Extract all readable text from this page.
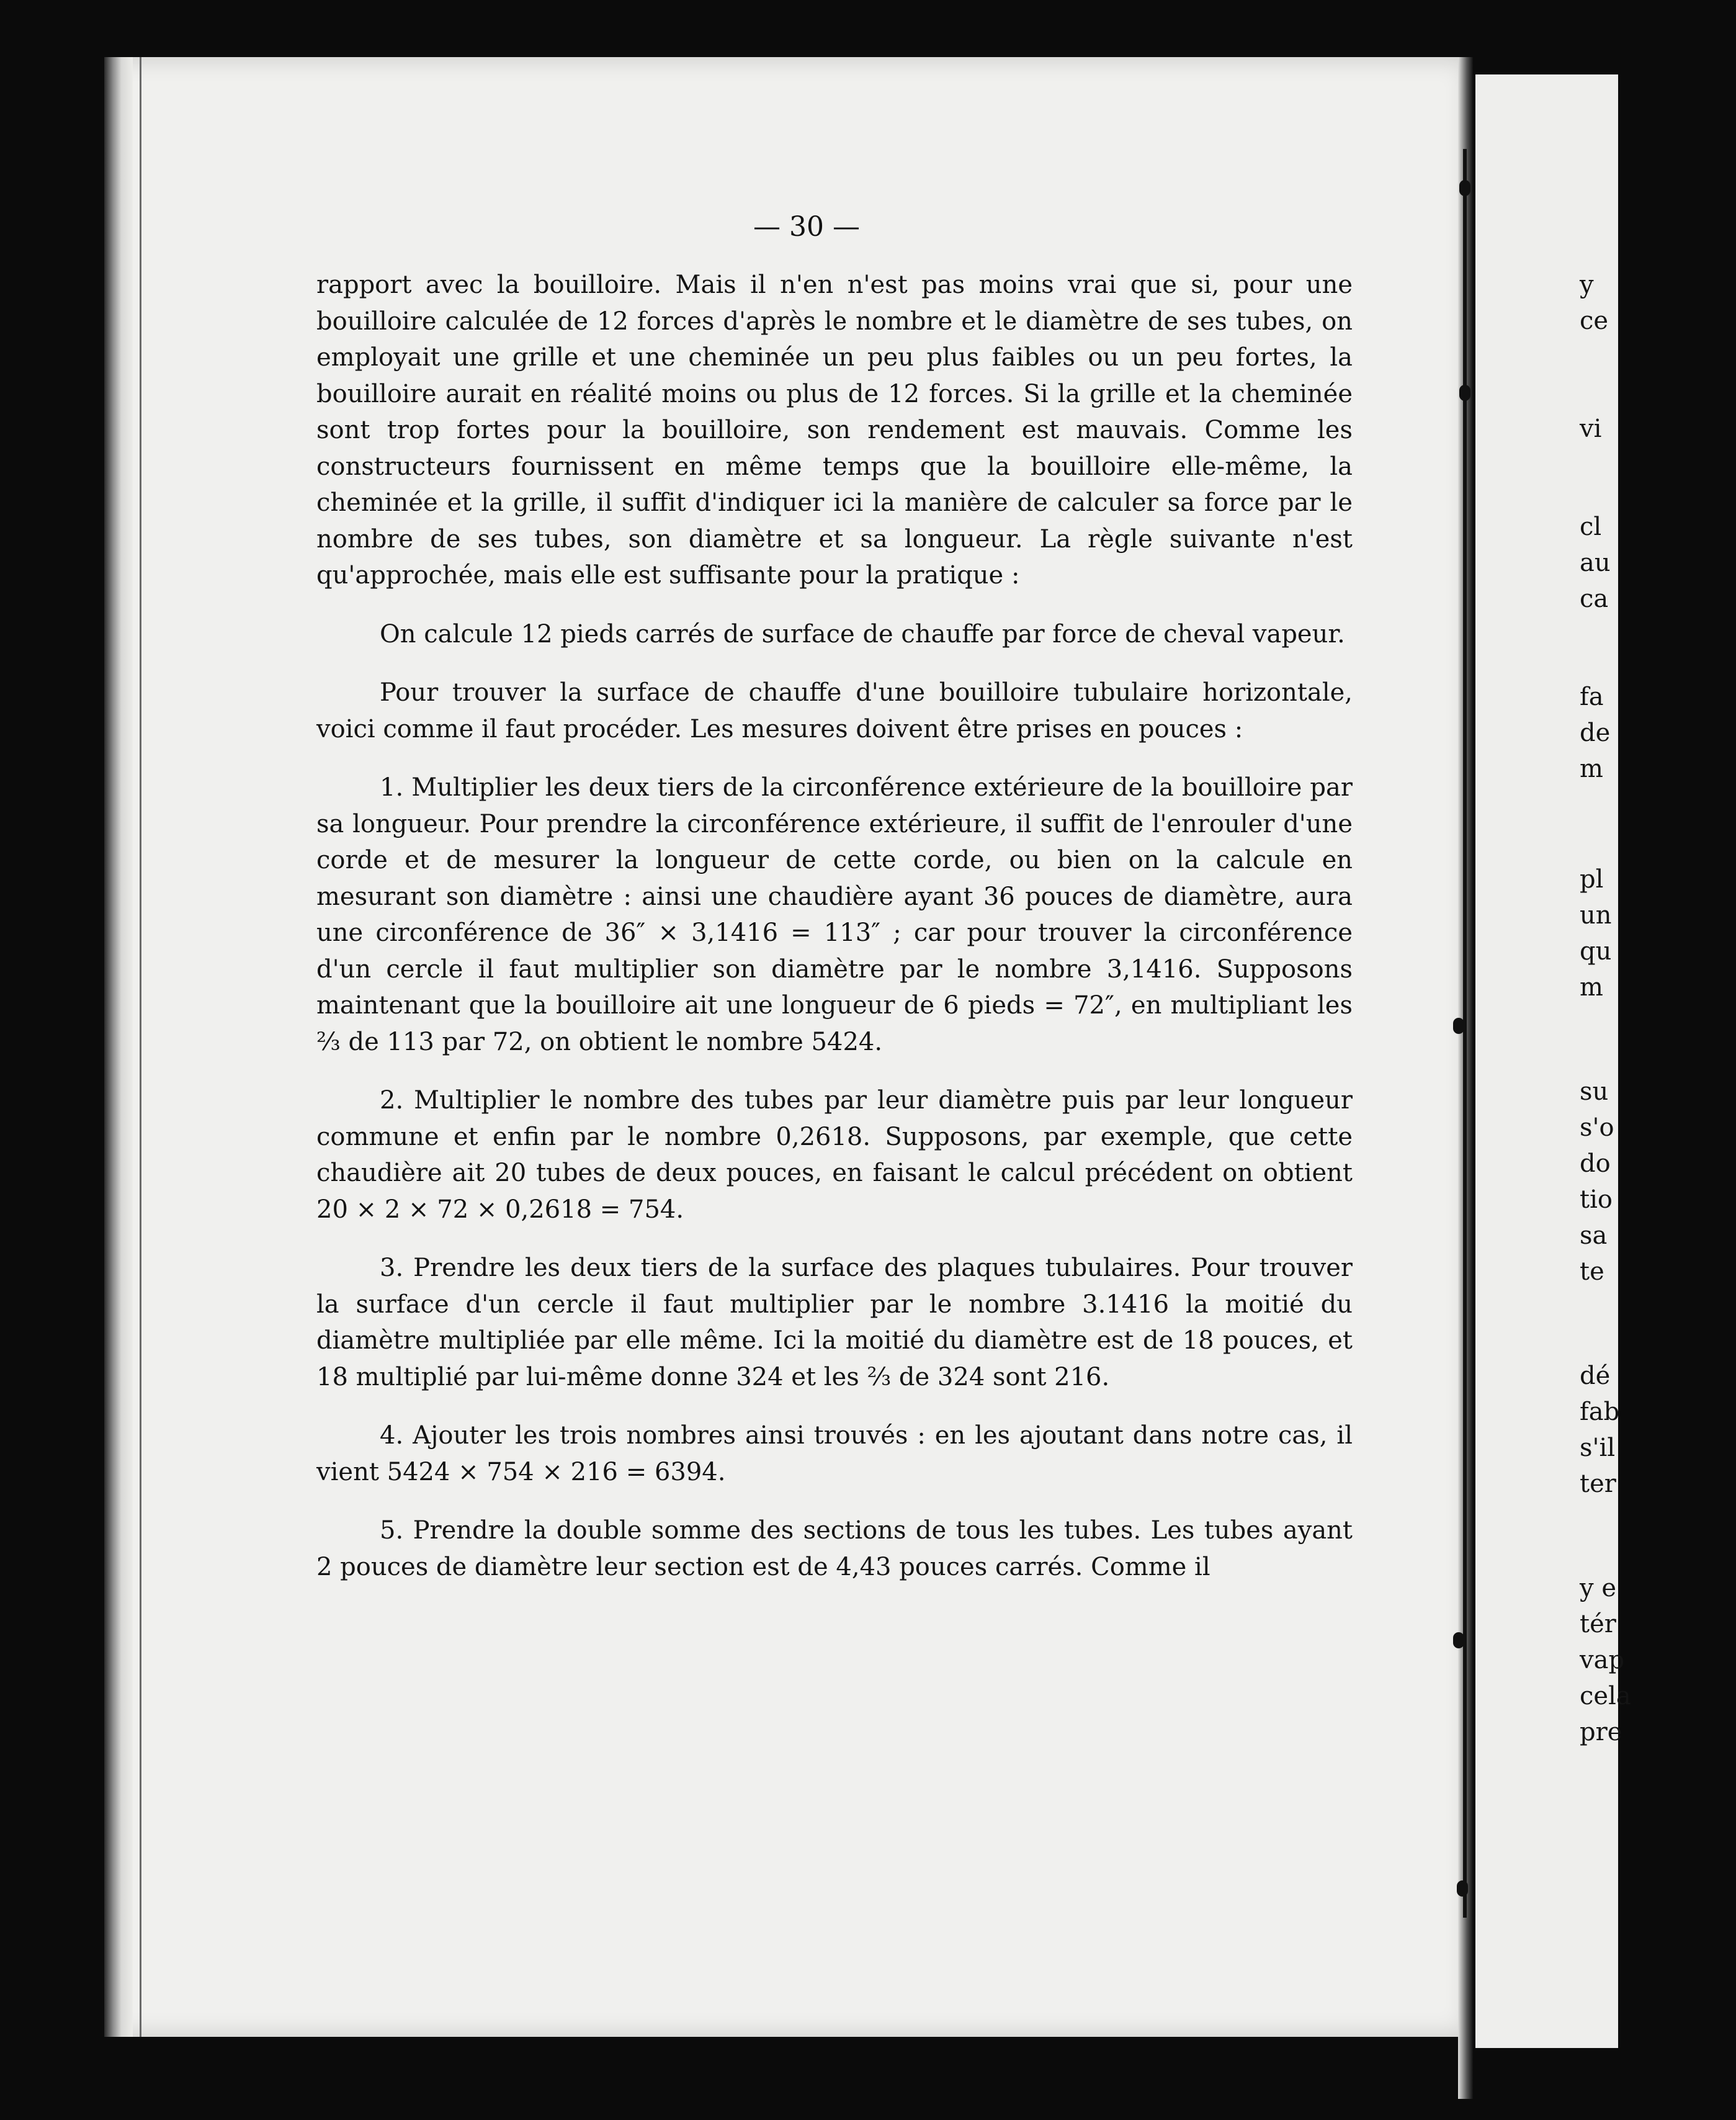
— 30 —

rapport avec la bouilloire. Mais il n'en n'est pas moins vrai que si, pour une bouilloire calculée de 12 forces d'après le nombre et le diamètre de ses tubes, on employait une grille et une cheminée un peu plus faibles ou un peu fortes, la bouilloire aurait en réalité moins ou plus de 12 forces. Si la grille et la cheminée sont trop fortes pour la bouilloire, son rendement est mauvais. Comme les constructeurs fournissent en même temps que la bouilloire elle-même, la cheminée et la grille, il suffit d'indiquer ici la manière de calculer sa force par le nombre de ses tubes, son diamètre et sa longueur. La règle suivante n'est qu'approchée, mais elle est suffisante pour la pratique :

On calcule 12 pieds carrés de surface de chauffe par force de cheval vapeur.

Pour trouver la surface de chauffe d'une bouilloire tubulaire horizontale, voici comme il faut procéder. Les mesures doivent être prises en pouces :

1. Multiplier les deux tiers de la circonférence extérieure de la bouilloire par sa longueur. Pour prendre la circonférence extérieure, il suffit de l'enrouler d'une corde et de mesurer la longueur de cette corde, ou bien on la calcule en mesurant son diamètre : ainsi une chaudière ayant 36 pouces de diamètre, aura une circonférence de 36″ × 3,1416 = 113″ ; car pour trouver la circonférence d'un cercle il faut multiplier son diamètre par le nombre 3,1416. Supposons maintenant que la bouilloire ait une longueur de 6 pieds = 72″, en multipliant les ⅔ de 113 par 72, on obtient le nombre 5424.

2. Multiplier le nombre des tubes par leur diamètre puis par leur longueur commune et enfin par le nombre 0,2618. Supposons, par exemple, que cette chaudière ait 20 tubes de deux pouces, en faisant le calcul précédent on obtient 20 × 2 × 72 × 0,2618 = 754.

3. Prendre les deux tiers de la surface des plaques tubulaires. Pour trouver la surface d'un cercle il faut multiplier par le nombre 3.1416 la moitié du diamètre multipliée par elle même. Ici la moitié du diamètre est de 18 pouces, et 18 multiplié par lui-même donne 324 et les ⅔ de 324 sont 216.

4. Ajouter les trois nombres ainsi trouvés : en les ajoutant dans notre cas, il vient 5424 × 754 × 216 = 6394.

5. Prendre la double somme des sections de tous les tubes. Les tubes ayant 2 pouces de diamètre leur section est de 4,43 pouces carrés. Comme il

y
ce
vi
cl
au
ca
fa
de
m
pl
un
qu
m
su
s'o
do
tio
sa
te
dé
fab
s'il
ter
y e
tér
vap
cela
pre
